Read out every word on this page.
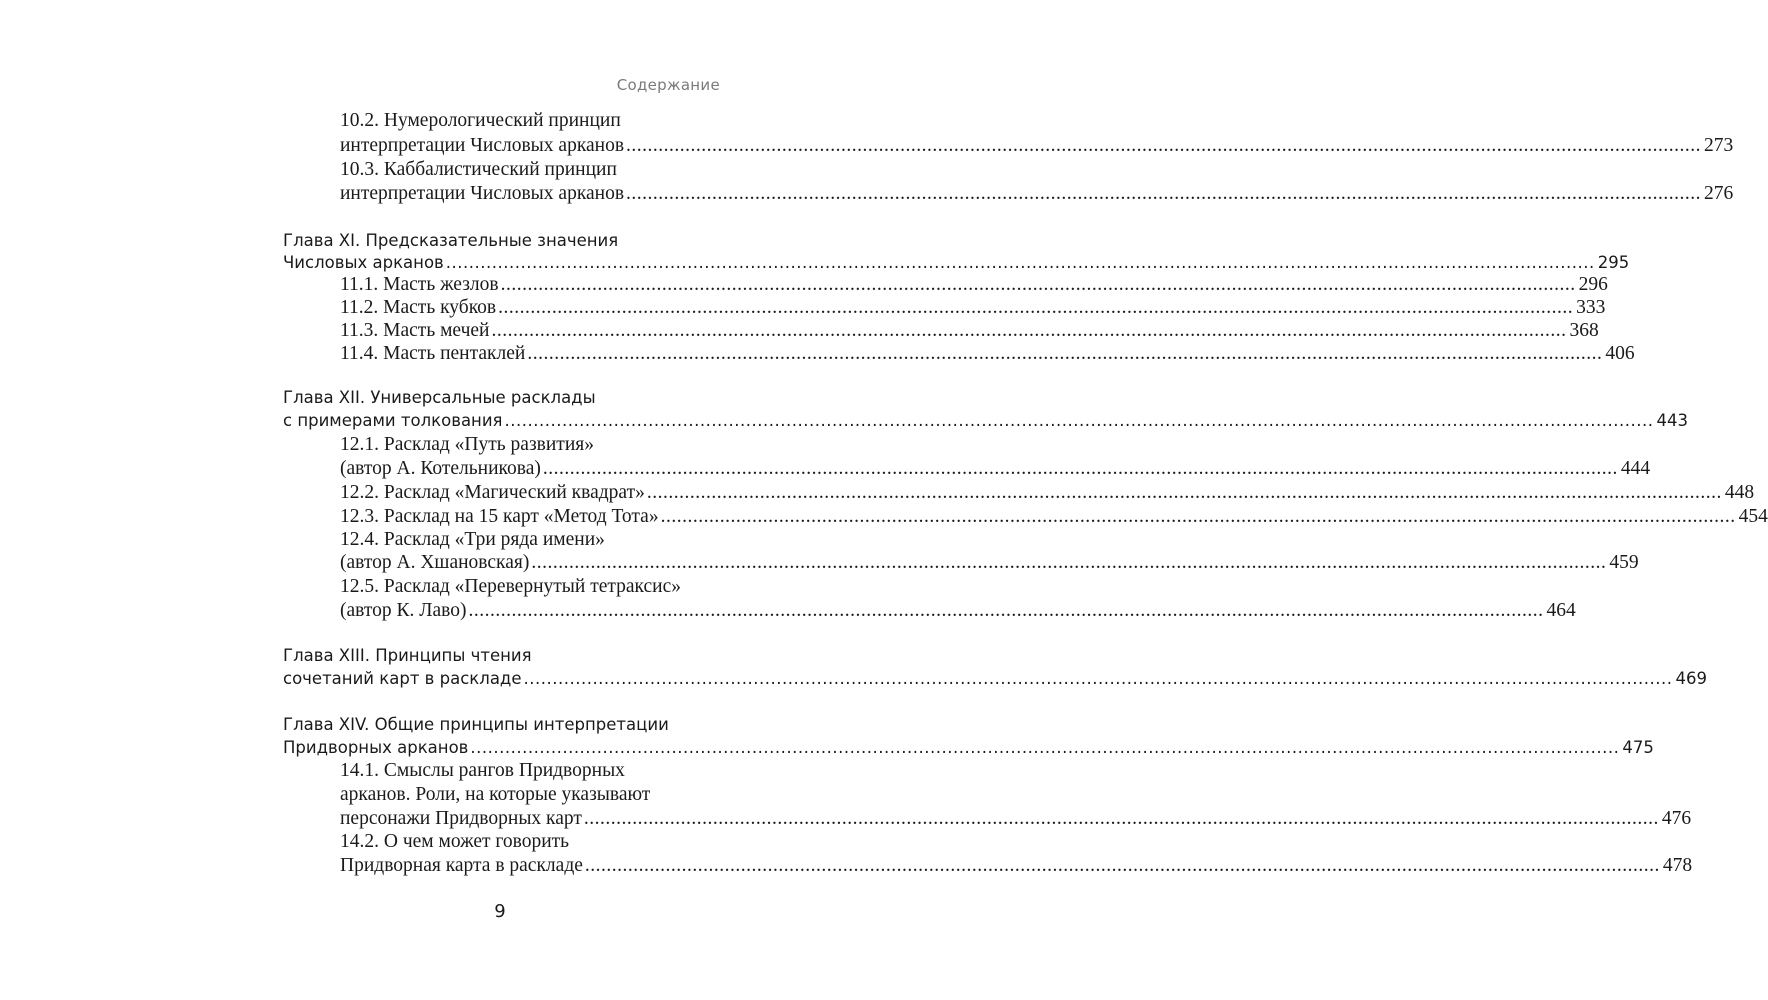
Содержание
10.2. Нумерологический принцип
интерпретации Числовых арканов ........................................................................................................................................................................................................ 273
10.3. Каббалистический принцип
интерпретации Числовых арканов ........................................................................................................................................................................................................ 276
Глава XI. Предсказательные значения
Числовых арканов ........................................................................................................................................................................................................ 295
11.1. Масть жезлов ........................................................................................................................................................................................................ 296
11.2. Масть кубков ........................................................................................................................................................................................................ 333
11.3. Масть мечей ........................................................................................................................................................................................................ 368
11.4. Масть пентаклей ........................................................................................................................................................................................................ 406
Глава XII. Универсальные расклады
с примерами толкования ........................................................................................................................................................................................................ 443
12.1. Расклад «Путь развития»
(автор А. Котельникова) ........................................................................................................................................................................................................ 444
12.2. Расклад «Магический квадрат» ........................................................................................................................................................................................................ 448
12.3. Расклад на 15 карт «Метод Тота» ........................................................................................................................................................................................................ 454
12.4. Расклад «Три ряда имени»
(автор А. Хшановская) ........................................................................................................................................................................................................ 459
12.5. Расклад «Перевернутый тетраксис»
(автор К. Лаво) ........................................................................................................................................................................................................ 464
Глава XIII. Принципы чтения
сочетаний карт в раскладе ........................................................................................................................................................................................................ 469
Глава XIV. Общие принципы интерпретации
Придворных арканов ........................................................................................................................................................................................................ 475
14.1. Смыслы рангов Придворных
арканов. Роли, на которые указывают
персонажи Придворных карт ........................................................................................................................................................................................................ 476
14.2. О чем может говорить
Придворная карта в раскладе ........................................................................................................................................................................................................ 478
9
